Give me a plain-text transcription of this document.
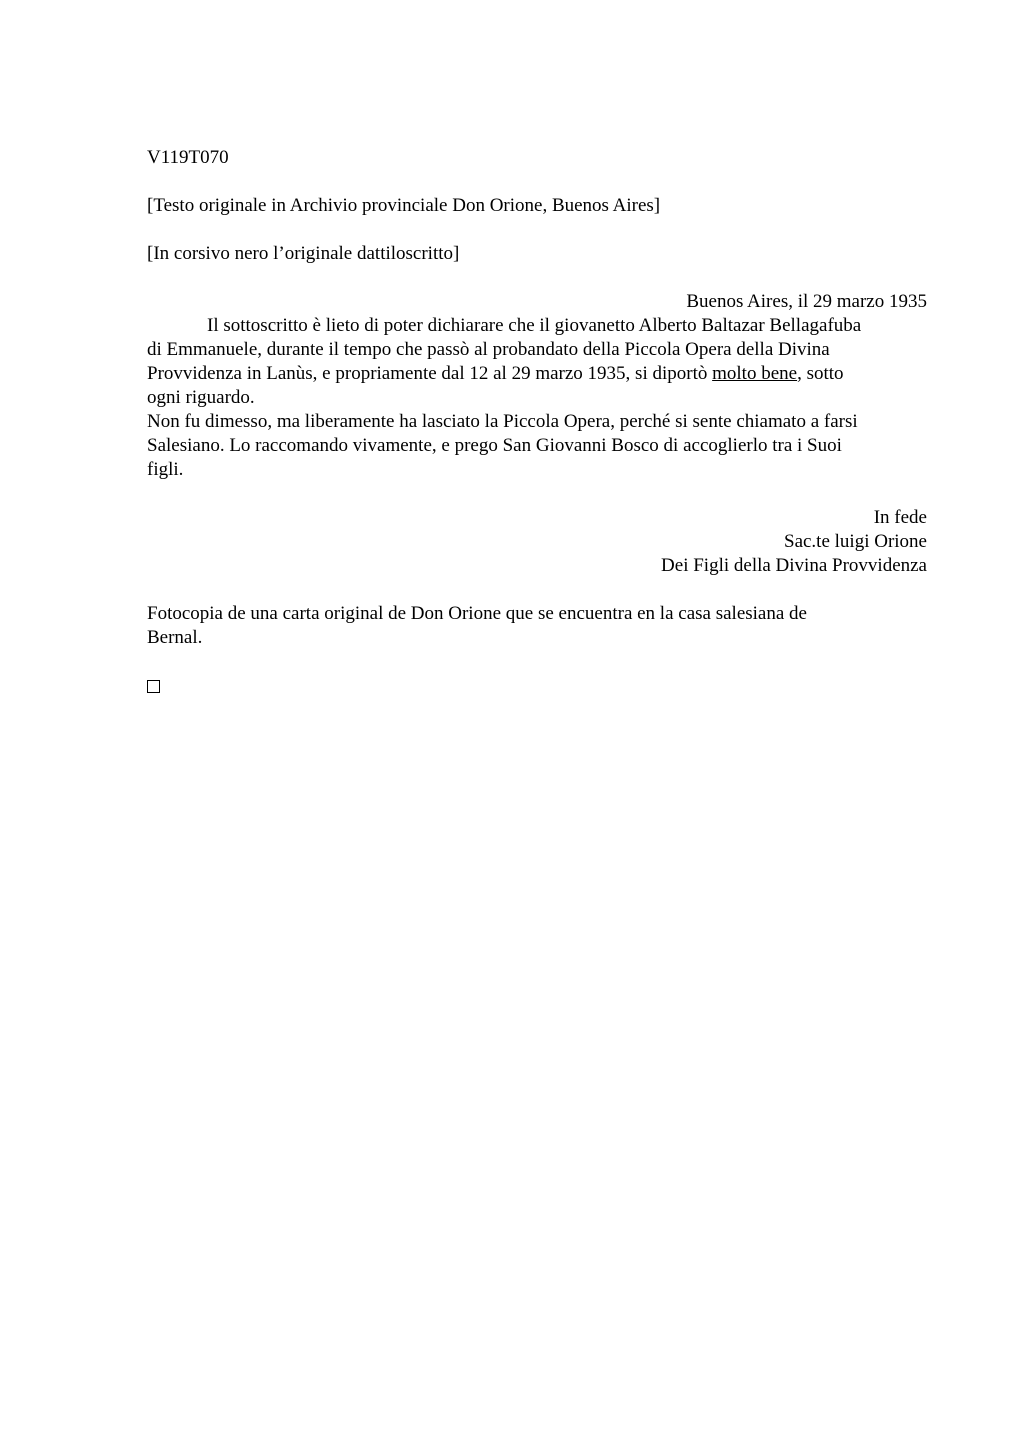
V119T070

[Testo originale in Archivio provinciale Don Orione, Buenos Aires]

[In corsivo nero l’originale dattiloscritto]

Buenos Aires, il 29 marzo 1935

Il sottoscritto è lieto di poter dichiarare che il giovanetto Alberto Baltazar Bellagafuba

di Emmanuele, durante il tempo che passò al probandato della Piccola Opera della Divina

Provvidenza in Lanùs, e propriamente dal 12 al 29 marzo 1935, si diportò molto bene, sotto

ogni riguardo.

Non fu dimesso, ma liberamente ha lasciato la Piccola Opera, perché si sente chiamato a farsi

Salesiano. Lo raccomando vivamente, e prego San Giovanni Bosco di accoglierlo tra i Suoi

figli.

In fede

Sac.te luigi Orione

Dei Figli della Divina Provvidenza

Fotocopia de una carta original de Don Orione que se encuentra en la casa salesiana de

Bernal.
